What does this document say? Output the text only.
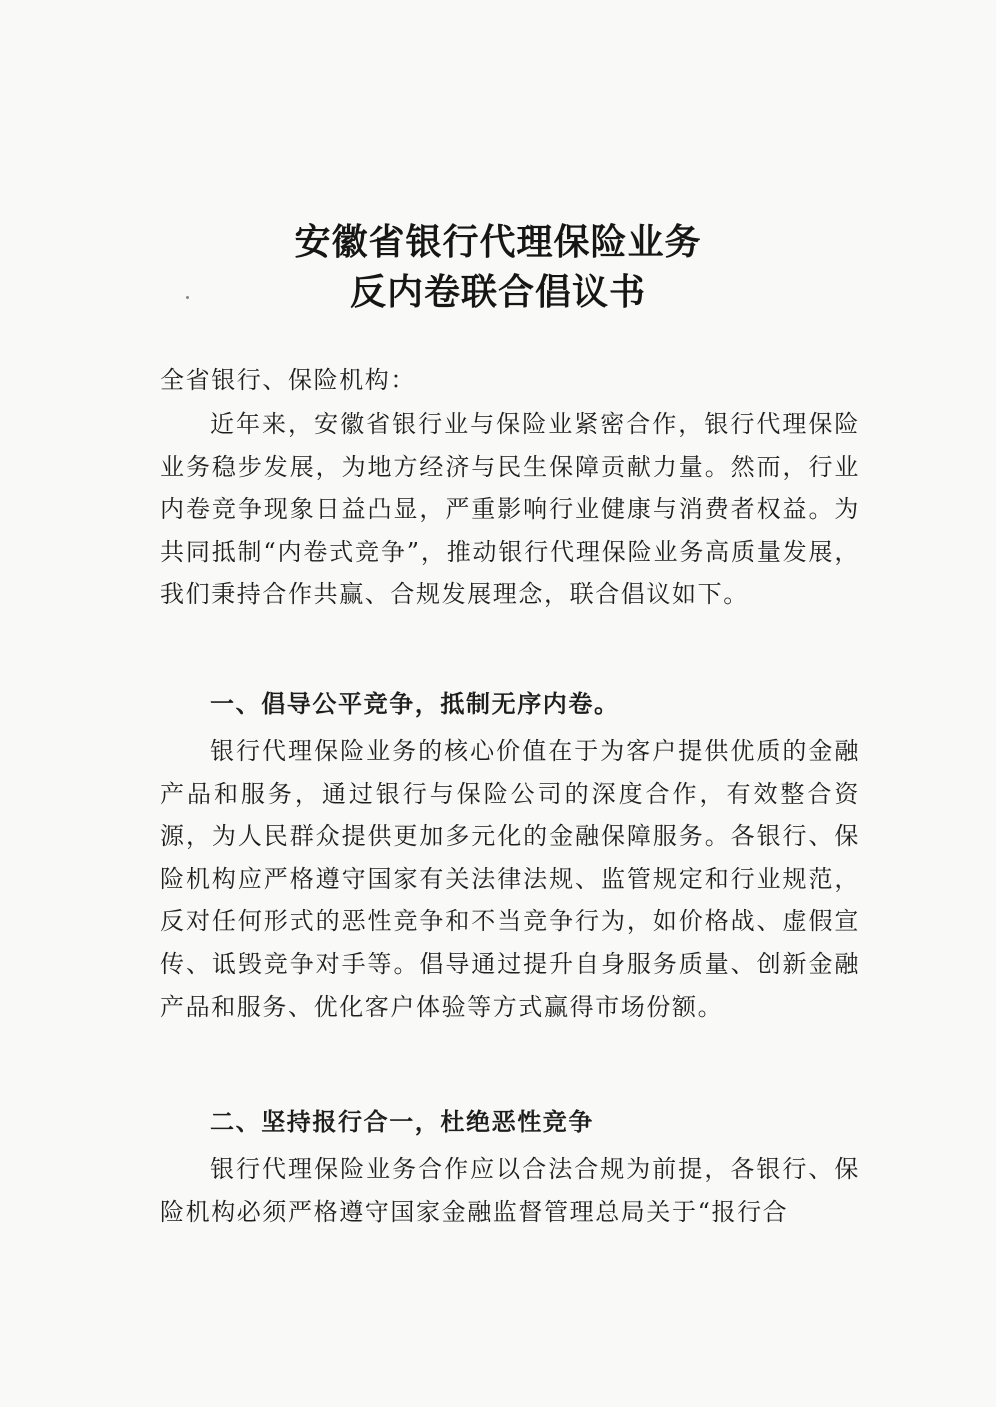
安徽省银行代理保险业务
反内卷联合倡议书
全省银行、保险机构：
近年来，安徽省银行业与保险业紧密合作，银行代理保险业务稳步发展，为地方经济与民生保障贡献力量。然而，行业内卷竞争现象日益凸显，严重影响行业健康与消费者权益。为共同抵制“内卷式竞争”，推动银行代理保险业务高质量发展，我们秉持合作共赢、合规发展理念，联合倡议如下。
一、倡导公平竞争，抵制无序内卷。
银行代理保险业务的核心价值在于为客户提供优质的金融产品和服务，通过银行与保险公司的深度合作，有效整合资源，为人民群众提供更加多元化的金融保障服务。各银行、保险机构应严格遵守国家有关法律法规、监管规定和行业规范，反对任何形式的恶性竞争和不当竞争行为，如价格战、虚假宣传、诋毁竞争对手等。倡导通过提升自身服务质量、创新金融产品和服务、优化客户体验等方式赢得市场份额。
二、坚持报行合一，杜绝恶性竞争
银行代理保险业务合作应以合法合规为前提，各银行、保险机构必须严格遵守国家金融监督管理总局关于“报行合
